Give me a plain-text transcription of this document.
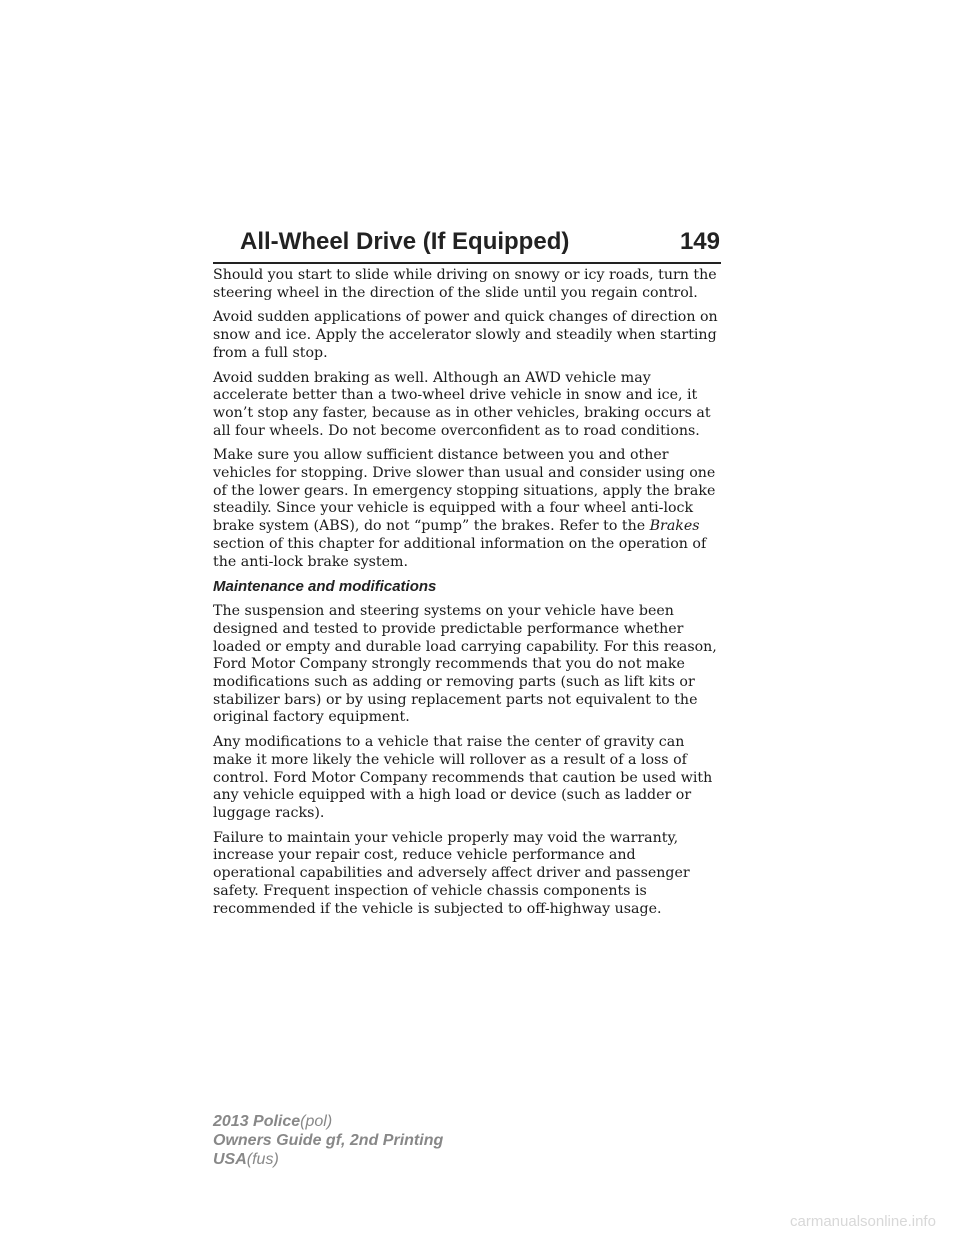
All-Wheel Drive (If Equipped)	149

Should you start to slide while driving on snowy or icy roads, turn the steering wheel in the direction of the slide until you regain control.

Avoid sudden applications of power and quick changes of direction on snow and ice. Apply the accelerator slowly and steadily when starting from a full stop.

Avoid sudden braking as well. Although an AWD vehicle may accelerate better than a two-wheel drive vehicle in snow and ice, it won’t stop any faster, because as in other vehicles, braking occurs at all four wheels. Do not become overconfident as to road conditions.

Make sure you allow sufficient distance between you and other vehicles for stopping. Drive slower than usual and consider using one of the lower gears. In emergency stopping situations, apply the brake steadily. Since your vehicle is equipped with a four wheel anti-lock brake system (ABS), do not “pump” the brakes. Refer to the Brakes section of this chapter for additional information on the operation of the anti-lock brake system.

Maintenance and modifications

The suspension and steering systems on your vehicle have been designed and tested to provide predictable performance whether loaded or empty and durable load carrying capability. For this reason, Ford Motor Company strongly recommends that you do not make modifications such as adding or removing parts (such as lift kits or stabilizer bars) or by using replacement parts not equivalent to the original factory equipment.

Any modifications to a vehicle that raise the center of gravity can make it more likely the vehicle will rollover as a result of a loss of control. Ford Motor Company recommends that caution be used with any vehicle equipped with a high load or device (such as ladder or luggage racks).

Failure to maintain your vehicle properly may void the warranty, increase your repair cost, reduce vehicle performance and operational capabilities and adversely affect driver and passenger safety. Frequent inspection of vehicle chassis components is recommended if the vehicle is subjected to off-highway usage.

2013 Police(pol)
Owners Guide gf, 2nd Printing
USA(fus)
carmanualsonline.info
